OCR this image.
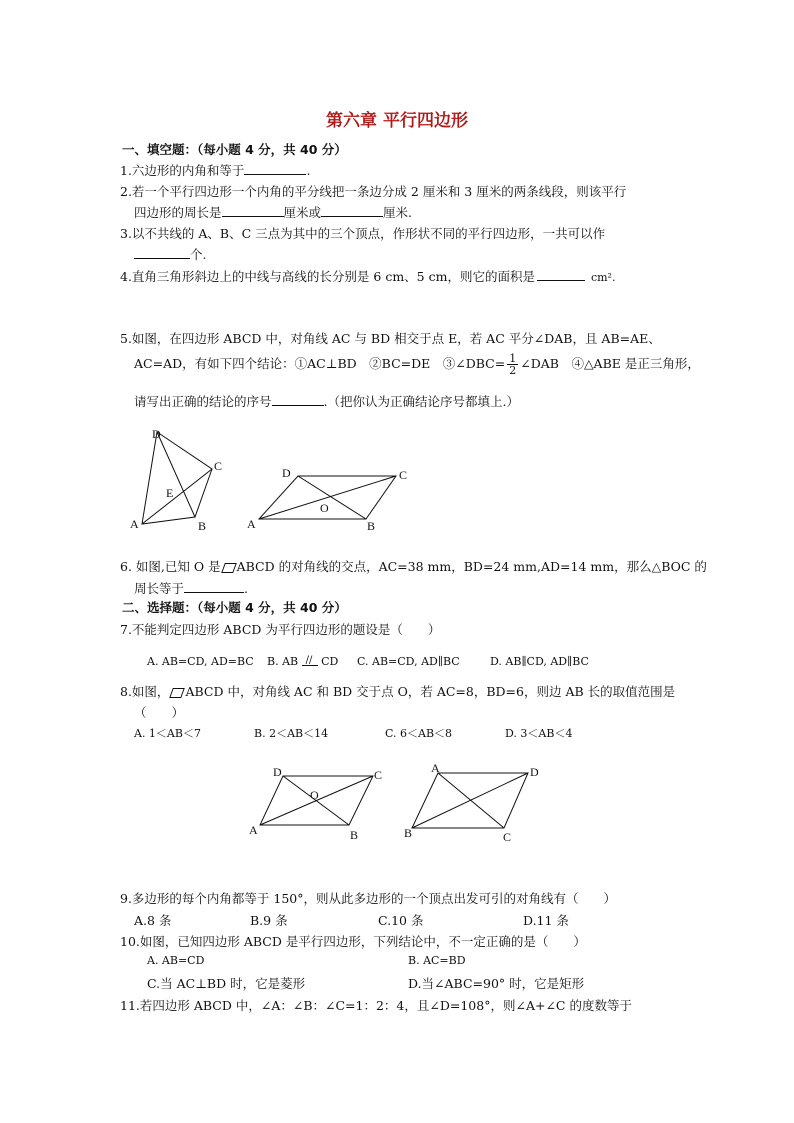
第六章 平行四边形
一、填空题：（每小题 4 分，共 40 分）
1.六边形的内角和等于	.
2.若一个平行四边形一个内角的平分线把一条边分成 2 厘米和 3 厘米的两条线段，则该平行
四边形的周长是	厘米或	厘米.
3.以不共线的 A、B、C 三点为其中的三个顶点，作形状不同的平行四边形，一共可以作
个.
4.直角三角形斜边上的中线与高线的长分别是 6 cm、5 cm，则它的面积是	cm².
5.如图，在四边形 ABCD 中，对角线 AC 与 BD 相交于点 E，若 AC 平分∠DAB，且 AB=AE、
AC=AD，有如下四个结论：①AC⊥BD　②BC=DE　③∠DBC= $\frac{1}{2}$ ∠DAB　④△ABE 是正三角形，
请写出正确的结论的序号	.（把你认为正确结论序号都填上.）
D
C
E
A	B
D	C
O
A	B
6. 如图,已知 O 是 ABCD 的对角线的交点，AC=38 mm，BD=24 mm,AD=14 mm，那么△BOC 的
周长等于	.
二、选择题：（每小题 4 分，共 40 分）
7.不能判定四边形 ABCD 为平行四边形的题设是（　　）
A. AB=CD, AD=BC B. AB // CD C. AB=CD, AD∥BC	D. AB∥CD, AD∥BC
8.如图， ABCD 中，对角线 AC 和 BD 交于点 O，若 AC=8，BD=6，则边 AB 长的取值范围是
（　　）
A. 1＜AB＜7	B. 2＜AB＜14	C. 6＜AB＜8	D. 3＜AB＜4
D	C
O
A	B
A	D
B	C
9.多边形的每个内角都等于 150°，则从此多边形的一个顶点出发可引的对角线有（　　）
A.8 条	B.9 条	C.10 条	D.11 条
10.如图，已知四边形 ABCD 是平行四边形，下列结论中，不一定正确的是（　　）
A. AB=CD	B. AC=BD
C.当 AC⊥BD 时，它是菱形	D.当∠ABC=90° 时，它是矩形
11.若四边形 ABCD 中，∠A：∠B：∠C=1：2：4，且∠D=108°，则∠A+∠C 的度数等于
